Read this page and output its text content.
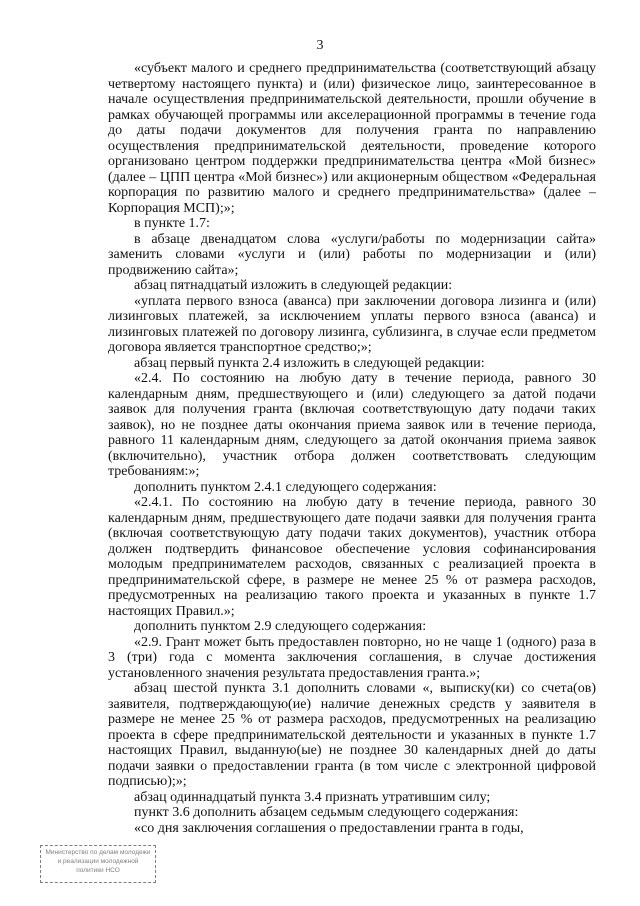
3

«субъект малого и среднего предпринимательства (соответствующий абзацу четвертому настоящего пункта) и (или) физическое лицо, заинтересованное в начале осуществления предпринимательской деятельности, прошли обучение в рамках обучающей программы или акселерационной программы в течение года до даты подачи документов для получения гранта по направлению осуществления предпринимательской деятельности, проведение которого организовано центром поддержки предпринимательства центра «Мой бизнес» (далее – ЦПП центра «Мой бизнес») или акционерным обществом «Федеральная корпорация по развитию малого и среднего предпринимательства» (далее – Корпорация МСП);»;

в пункте 1.7:

в абзаце двенадцатом слова «услуги/работы по модернизации сайта» заменить словами «услуги и (или) работы по модернизации и (или) продвижению сайта»;

абзац пятнадцатый изложить в следующей редакции:

«уплата первого взноса (аванса) при заключении договора лизинга и (или) лизинговых платежей, за исключением уплаты первого взноса (аванса) и лизинговых платежей по договору лизинга, сублизинга, в случае если предметом договора является транспортное средство;»;

абзац первый пункта 2.4 изложить в следующей редакции:

«2.4. По состоянию на любую дату в течение периода, равного 30 календарным дням, предшествующего и (или) следующего за датой подачи заявок для получения гранта (включая соответствующую дату подачи таких заявок), но не позднее даты окончания приема заявок или в течение периода, равного 11 календарным дням, следующего за датой окончания приема заявок (включительно), участник отбора должен соответствовать следующим требованиям:»;

дополнить пунктом 2.4.1 следующего содержания:

«2.4.1. По состоянию на любую дату в течение периода, равного 30 календарным дням, предшествующего дате подачи заявки для получения гранта (включая соответствующую дату подачи таких документов), участник отбора должен подтвердить финансовое обеспечение условия софинансирования молодым предпринимателем расходов, связанных с реализацией проекта в предпринимательской сфере, в размере не менее 25 % от размера расходов, предусмотренных на реализацию такого проекта и указанных в пункте 1.7 настоящих Правил.»;

дополнить пунктом 2.9 следующего содержания:

«2.9. Грант может быть предоставлен повторно, но не чаще 1 (одного) раза в 3 (три) года с момента заключения соглашения, в случае достижения установленного значения результата предоставления гранта.»;

абзац шестой пункта 3.1 дополнить словами «, выписку(ки) со счета(ов) заявителя, подтверждающую(ие) наличие денежных средств у заявителя в размере не менее 25 % от размера расходов, предусмотренных на реализацию проекта в сфере предпринимательской деятельности и указанных в пункте 1.7 настоящих Правил, выданную(ые) не позднее 30 календарных дней до даты подачи заявки о предоставлении гранта (в том числе с электронной цифровой подписью);»;

абзац одиннадцатый пункта 3.4 признать утратившим силу;

пункт 3.6 дополнить абзацем седьмым следующего содержания:

«со дня заключения соглашения о предоставлении гранта в годы,

Министерство по делам молодежи и реализации молодежной политики НСО
